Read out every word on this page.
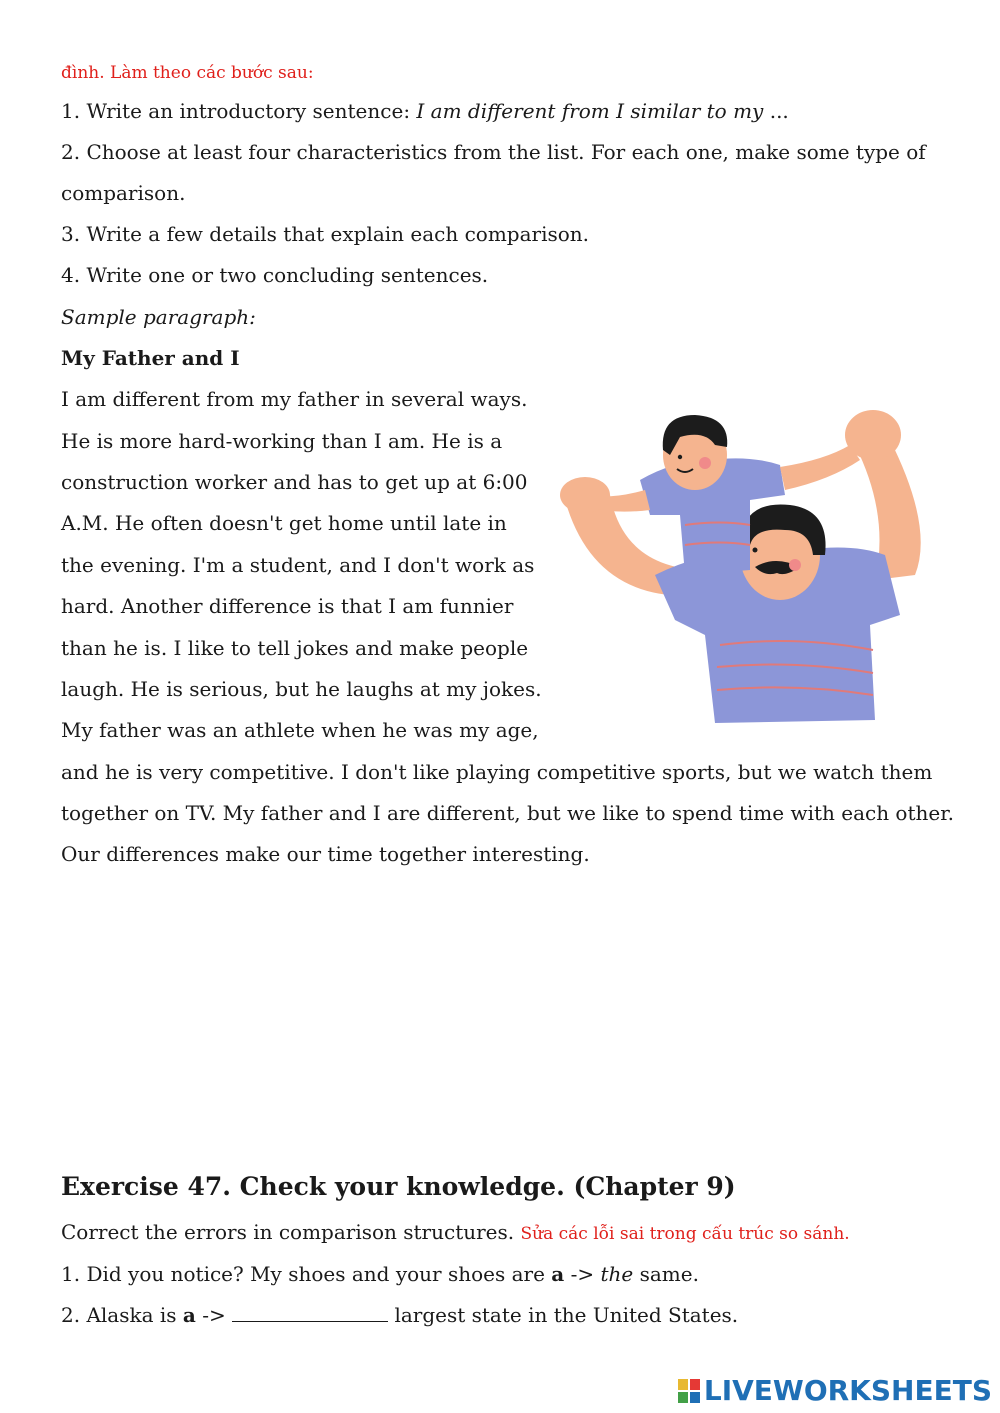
đình. Làm theo các bước sau:
1. Write an introductory sentence: I am different from I similar to my ...
2. Choose at least four characteristics from the list. For each one, make some type of
comparison.
3. Write a few details that explain each comparison.
4. Write one or two concluding sentences.
Sample paragraph:
My Father and I
I am different from my father in several ways.
He is more hard-working than I am. He is a
construction worker and has to get up at 6:00
A.M. He often doesn't get home until late in
the evening. I'm a student, and I don't work as
hard. Another difference is that I am funnier
than he is. I like to tell jokes and make people
laugh. He is serious, but he laughs at my jokes.
My father was an athlete when he was my age,
and he is very competitive. I don't like playing competitive sports, but we watch them
together on TV. My father and I are different, but we like to spend time with each other.
Our differences make our time together interesting.
Exercise 47. Check your knowledge. (Chapter 9)
Correct the errors in comparison structures. Sửa các lỗi sai trong cấu trúc so sánh.
1. Did you notice? My shoes and your shoes are a -> the same.
2. Alaska is a ->	largest state in the United States.
LIVEWORKSHEETS
